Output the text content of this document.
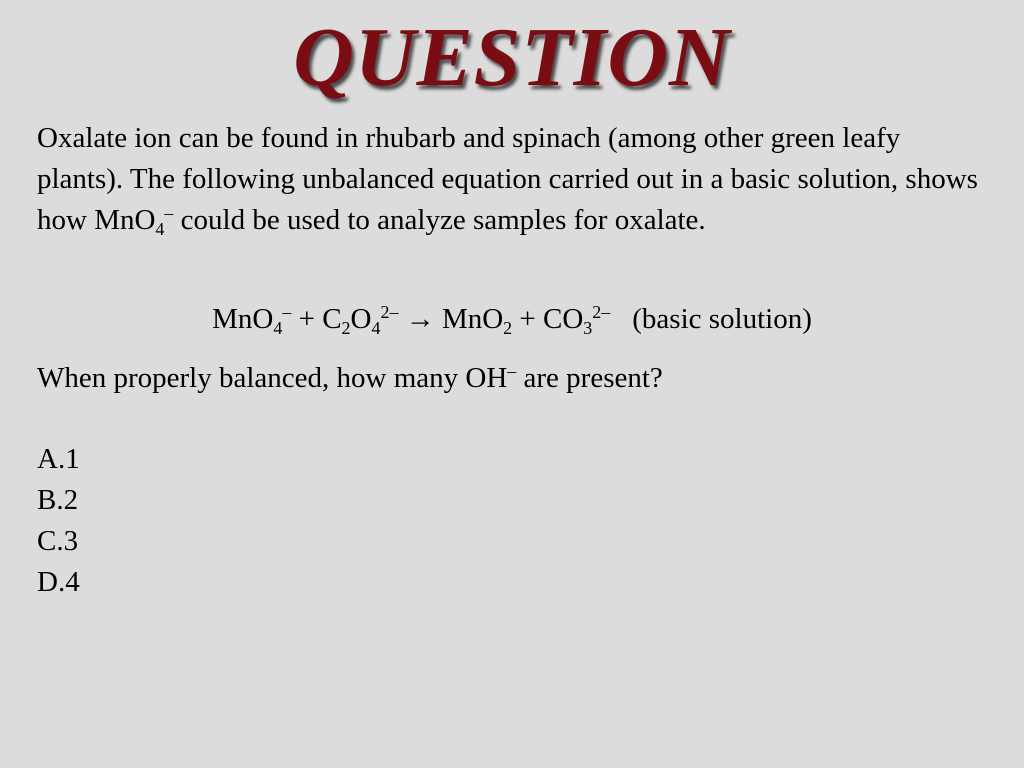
QUESTION
Oxalate ion can be found in rhubarb and spinach (among other green leafy plants). The following unbalanced equation carried out in a basic solution, shows how MnO$_4$– could be used to analyze samples for oxalate.
$MnO_4^- + C_2O_4^{2-} \to MnO_2 + CO_3^{2-}$ (basic solution)
When properly balanced, how many OH– are present?
A.1
B.2
C.3
D.4
